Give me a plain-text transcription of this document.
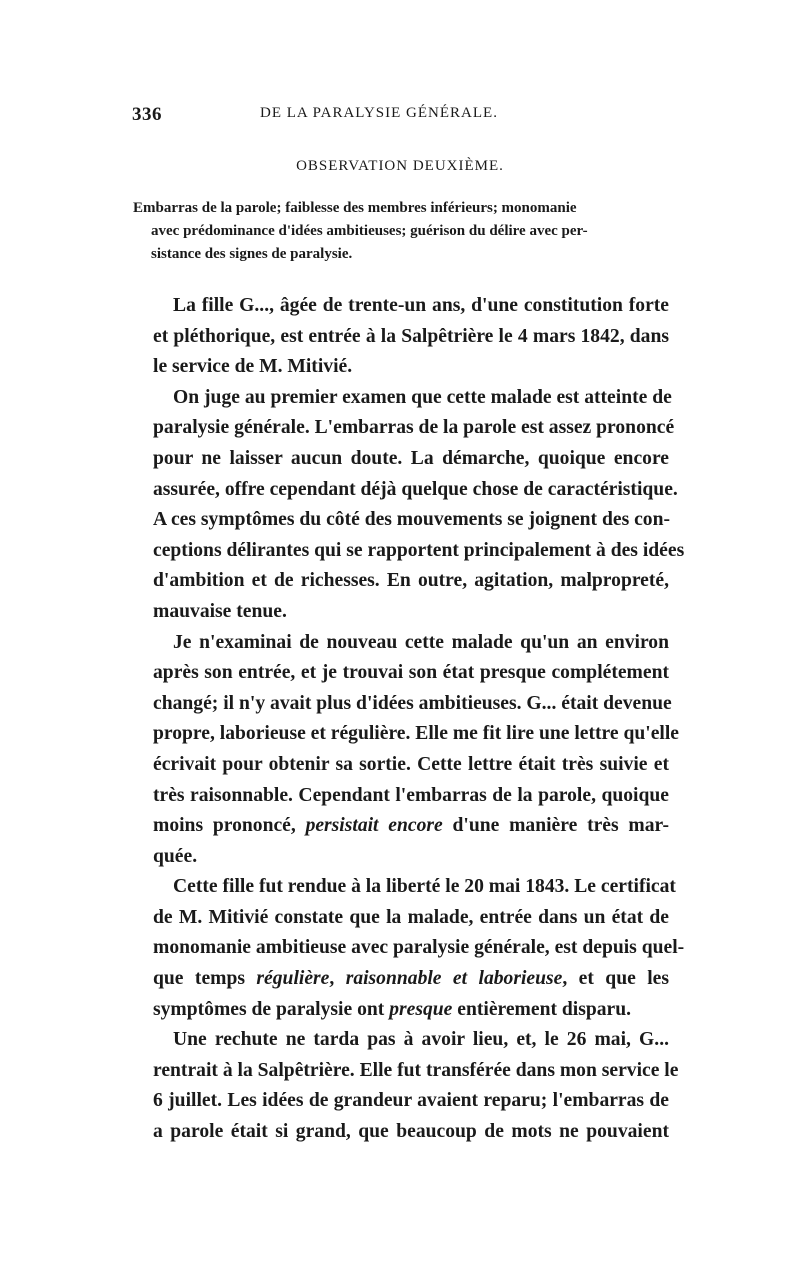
336	DE LA PARALYSIE GÉNÉRALE.
OBSERVATION DEUXIÈME.
Embarras de la parole; faiblesse des membres inférieurs; monomanie
avec prédominance d'idées ambitieuses; guérison du délire avec per-
sistance des signes de paralysie.

La fille G..., âgée de trente-un ans, d'une constitution forte
et pléthorique, est entrée à la Salpêtrière le 4 mars 1842, dans
le service de M. Mitivié.

On juge au premier examen que cette malade est atteinte de
paralysie générale. L'embarras de la parole est assez prononcé
pour ne laisser aucun doute. La démarche, quoique encore
assurée, offre cependant déjà quelque chose de caractéristique.
A ces symptômes du côté des mouvements se joignent des con-
ceptions délirantes qui se rapportent principalement à des idées
d'ambition et de richesses. En outre, agitation, malpropreté,
mauvaise tenue.

Je n'examinai de nouveau cette malade qu'un an environ
après son entrée, et je trouvai son état presque complétement
changé; il n'y avait plus d'idées ambitieuses. G... était devenue
propre, laborieuse et régulière. Elle me fit lire une lettre qu'elle
écrivait pour obtenir sa sortie. Cette lettre était très suivie et
très raisonnable. Cependant l'embarras de la parole, quoique
moins prononcé, persistait encore d'une manière très mar-
quée.

Cette fille fut rendue à la liberté le 20 mai 1843. Le certificat
de M. Mitivié constate que la malade, entrée dans un état de
monomanie ambitieuse avec paralysie générale, est depuis quel-
que temps régulière, raisonnable et laborieuse, et que les
symptômes de paralysie ont presque entièrement disparu.

Une rechute ne tarda pas à avoir lieu, et, le 26 mai, G...
rentrait à la Salpêtrière. Elle fut transférée dans mon service le
6 juillet. Les idées de grandeur avaient reparu; l'embarras de
a parole était si grand, que beaucoup de mots ne pouvaient
